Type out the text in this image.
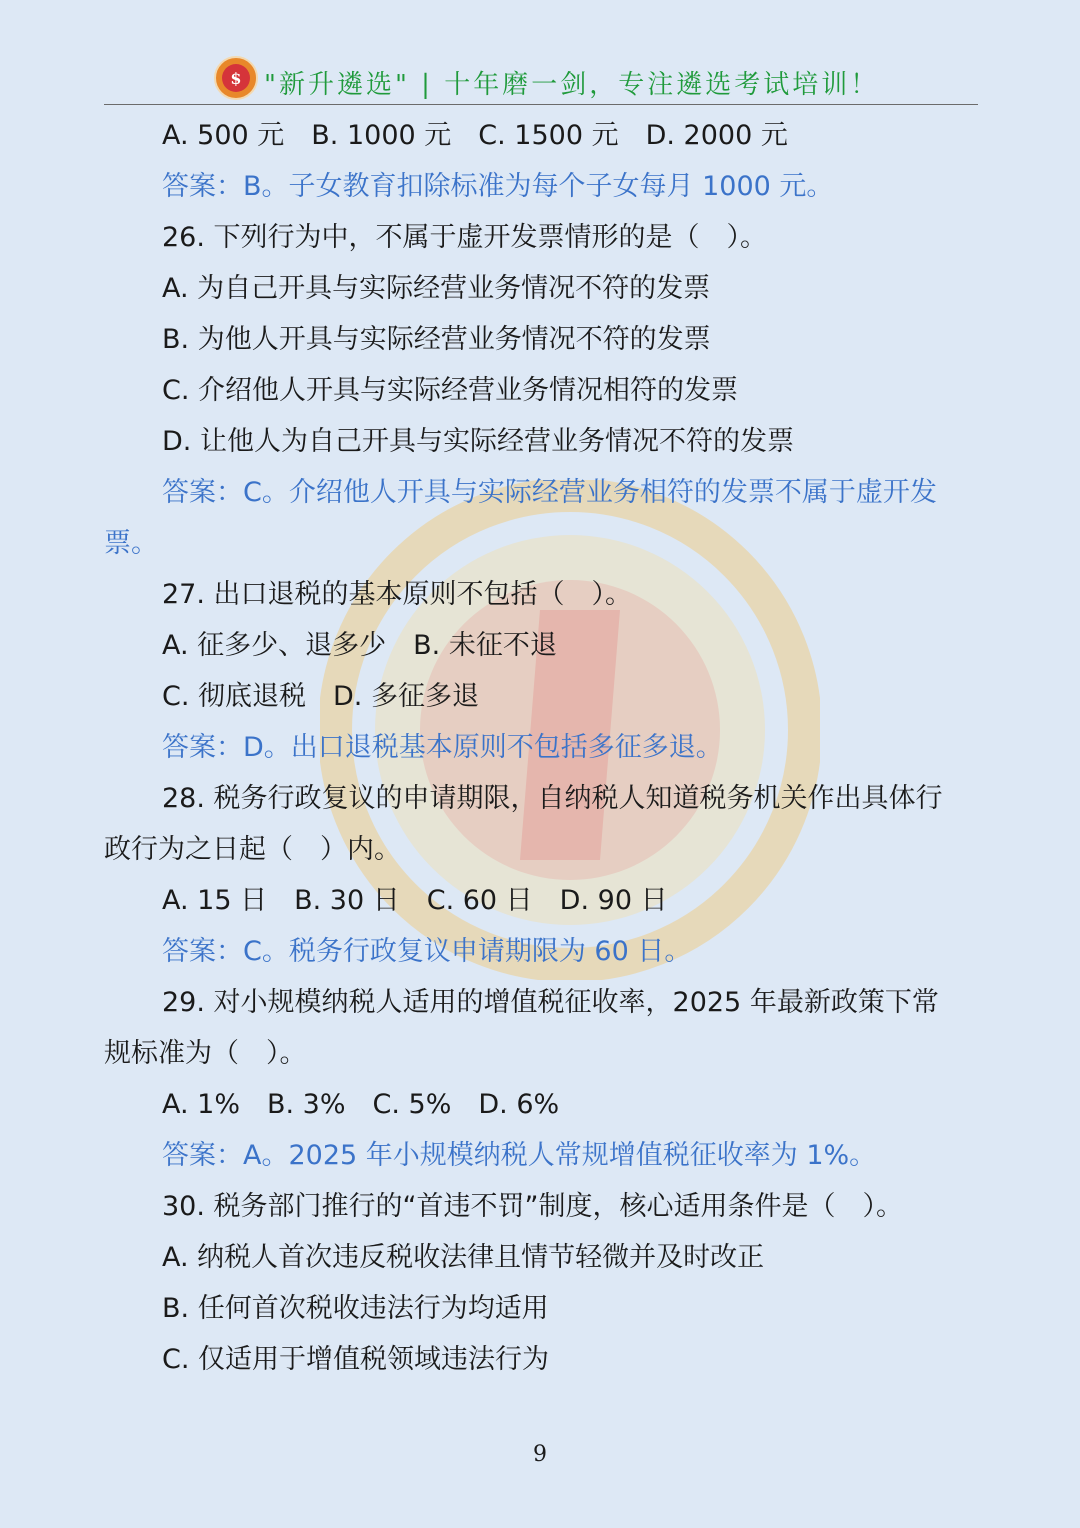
$ "新升遴选" | 十年磨一剑，专注遴选考试培训！
A. 500 元　B. 1000 元　C. 1500 元　D. 2000 元
答案：B。子女教育扣除标准为每个子女每月 1000 元。
26. 下列行为中，不属于虚开发票情形的是（　）。
A. 为自己开具与实际经营业务情况不符的发票
B. 为他人开具与实际经营业务情况不符的发票
C. 介绍他人开具与实际经营业务情况相符的发票
D. 让他人为自己开具与实际经营业务情况不符的发票
答案：C。介绍他人开具与实际经营业务相符的发票不属于虚开发
票。
27. 出口退税的基本原则不包括（　）。
A. 征多少、退多少　B. 未征不退
C. 彻底退税　D. 多征多退
答案：D。出口退税基本原则不包括多征多退。
28. 税务行政复议的申请期限，自纳税人知道税务机关作出具体行
政行为之日起（　）内。
A. 15 日　B. 30 日　C. 60 日　D. 90 日
答案：C。税务行政复议申请期限为 60 日。
29. 对小规模纳税人适用的增值税征收率，2025 年最新政策下常
规标准为（　）。
A. 1%　B. 3%　C. 5%　D. 6%
答案：A。2025 年小规模纳税人常规增值税征收率为 1%。
30. 税务部门推行的“首违不罚”制度，核心适用条件是（　）。
A. 纳税人首次违反税收法律且情节轻微并及时改正
B. 任何首次税收违法行为均适用
C. 仅适用于增值税领域违法行为
9
